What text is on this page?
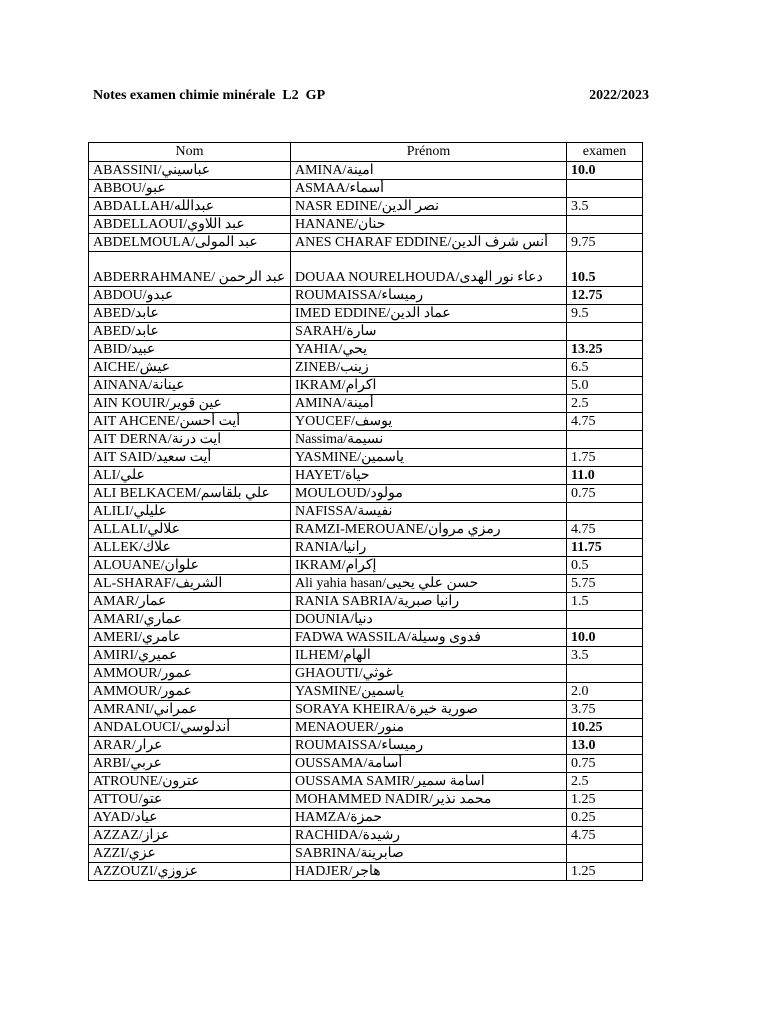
Notes examen chimie minérale  L2  GP	2022/2023
Nom	Prénom	examen
ABASSINI/عباسيني	AMINA/امينة	10.0
ABBOU/عبو	ASMAA/أسماء	
ABDALLAH/عبدالله	NASR EDINE/نصر الدين	3.5
ABDELLAOUI/عبد اللاوي	HANANE/حنان	
ABDELMOULA/عبد المولى	ANES CHARAF EDDINE/أنس شرف الدين	9.75
ABDERRAHMANE/ عبد الرحمن	DOUAA NOURELHOUDA/دعاء نور الهدى	10.5
ABDOU/عبدو	ROUMAISSA/رميساء	12.75
ABED/عابد	IMED EDDINE/عماد الدين	9.5
ABED/عابد	SARAH/سارة	
ABID/عبيد	YAHIA/يحي	13.25
AICHE/عيش	ZINEB/زينب	6.5
AINANA/عينانة	IKRAM/اكرام	5.0
AIN KOUIR/عين قوير	AMINA/أمينة	2.5
AIT AHCENE/أيت أحسن	YOUCEF/يوسف	4.75
AIT DERNA/ايت درنة	Nassima/نسيمة	
AIT SAID/أيت سعيد	YASMINE/ياسمين	1.75
ALI/علي	HAYET/حياة	11.0
ALI BELKACEM/علي بلقاسم	MOULOUD/مولود	0.75
ALILI/عليلي	NAFISSA/نفيسة	
ALLALI/علالي	RAMZI-MEROUANE/رمزي مروان	4.75
ALLEK/علاك	RANIA/رانيا	11.75
ALOUANE/علوان	IKRAM/إكرام	0.5
AL-SHARAF/الشريف	Ali yahia hasan/حسن علي يحيى	5.75
AMAR/عمار	RANIA SABRIA/رانيا صبرية	1.5
AMARI/عماري	DOUNIA/دنيا	
AMERI/عامري	FADWA WASSILA/فدوى وسيلة	10.0
AMIRI/عميري	ILHEM/الهام	3.5
AMMOUR/عمور	GHAOUTI/غوثي	
AMMOUR/عمور	YASMINE/ياسمين	2.0
AMRANI/عمراني	SORAYA KHEIRA/صورية خيرة	3.75
ANDALOUCI/أندلوسي	MENAOUER/منور	10.25
ARAR/عرار	ROUMAISSA/رميساء	13.0
ARBI/عربي	OUSSAMA/أسامة	0.75
ATROUNE/عترون	OUSSAMA SAMIR/اسامة سمير	2.5
ATTOU/عتو	MOHAMMED NADIR/محمد نذير	1.25
AYAD/عياد	HAMZA/حمزة	0.25
AZZAZ/عزاز	RACHIDA/رشيدة	4.75
AZZI/عزي	SABRINA/صابرينة	
AZZOUZI/عزوزي	HADJER/هاجر	1.25
